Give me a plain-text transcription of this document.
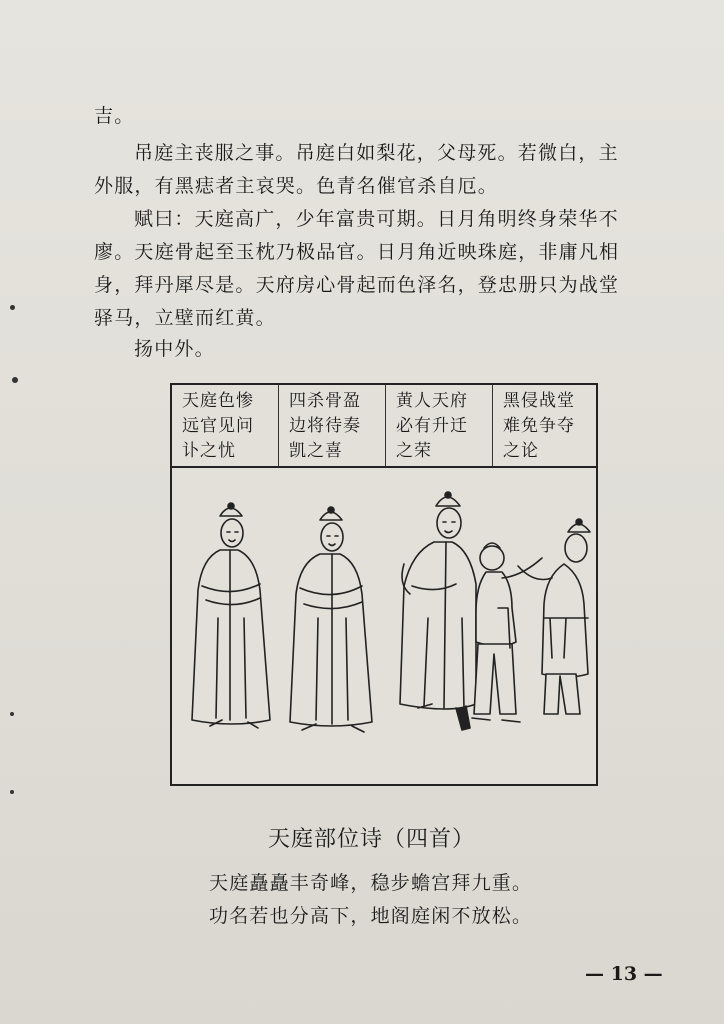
吉。
吊庭主丧服之事。吊庭白如梨花，父母死。若微白，主
外服，有黑痣者主哀哭。色青名催官杀自厄。
赋曰：天庭高广，少年富贵可期。日月角明终身荣华不
廖。天庭骨起至玉枕乃极品官。日月角近映珠庭，非庸凡相
身，拜丹犀尽是。天府房心骨起而色泽名，登忠册只为战堂
驿马，立壁而红黄。
扬中外。
天庭色惨
远官见问
讣之忧
四杀骨盈
边将待奏
凯之喜
黄人天府
必有升迁
之荣
黑侵战堂
难免争夺
之论
天庭部位诗（四首）
天庭矗矗丰奇峰，稳步蟾宫拜九重。
功名若也分高下，地阁庭闲不放松。
— 13 —
